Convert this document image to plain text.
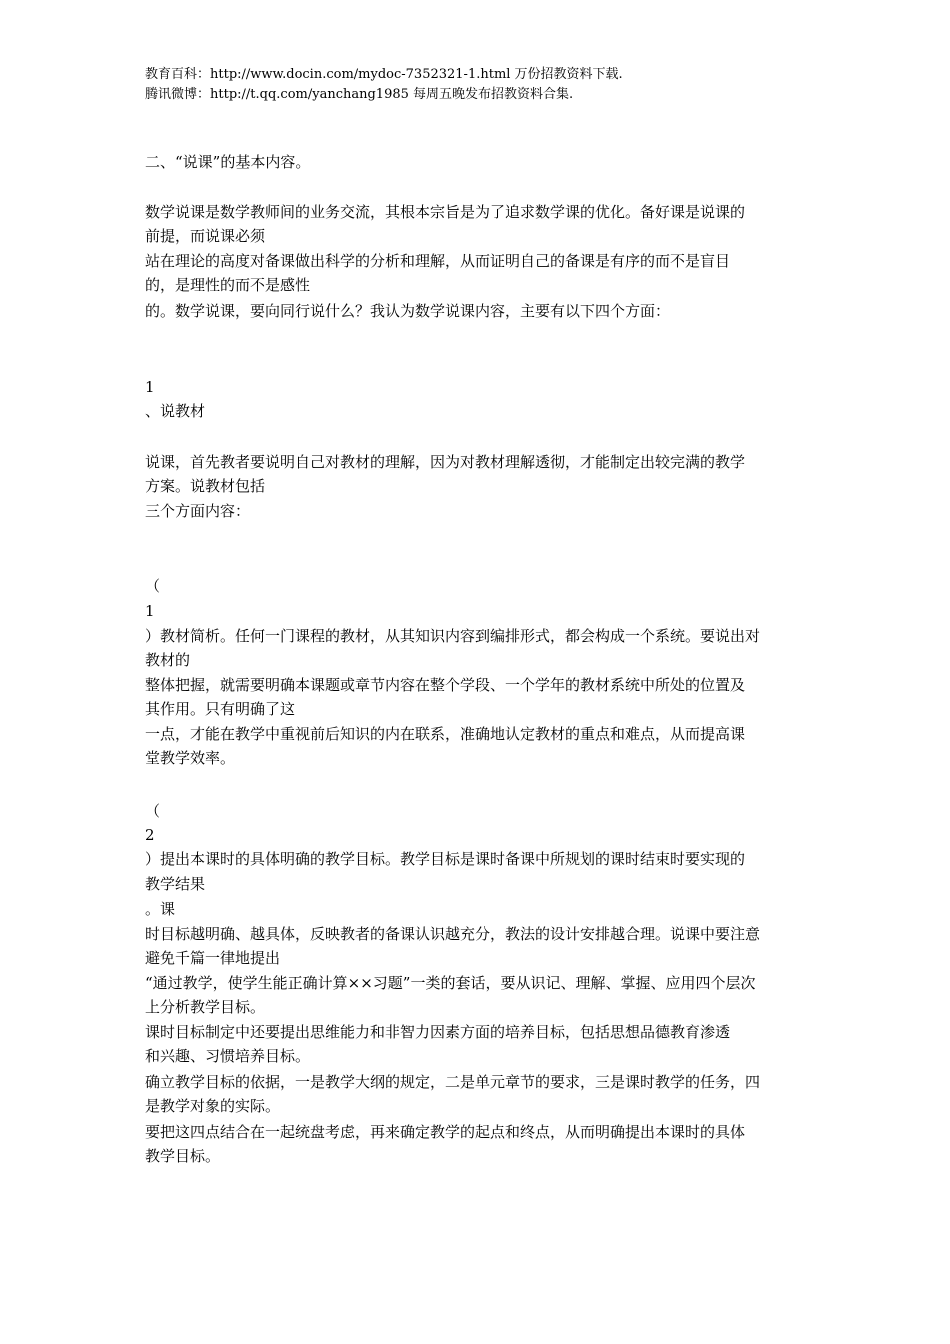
教育百科：http://www.docin.com/mydoc-7352321-1.html 万份招教资料下载.
腾讯微博：http://t.qq.com/yanchang1985 每周五晚发布招教资料合集.
二、“说课”的基本内容。
数学说课是数学教师间的业务交流，其根本宗旨是为了追求数学课的优化。备好课是说课的
前提，而说课必须
站在理论的高度对备课做出科学的分析和理解，从而证明自己的备课是有序的而不是盲目
的，是理性的而不是感性
的。数学说课，要向同行说什么？我认为数学说课内容，主要有以下四个方面：
1
、说教材
说课，首先教者要说明自己对教材的理解，因为对教材理解透彻，才能制定出较完满的教学
方案。说教材包括
三个方面内容：
（
1
）教材简析。任何一门课程的教材，从其知识内容到编排形式，都会构成一个系统。要说出对
教材的
整体把握，就需要明确本课题或章节内容在整个学段、一个学年的教材系统中所处的位置及
其作用。只有明确了这
一点，才能在教学中重视前后知识的内在联系，准确地认定教材的重点和难点，从而提高课
堂教学效率。
（
2
）提出本课时的具体明确的教学目标。教学目标是课时备课中所规划的课时结束时要实现的
教学结果
。课
时目标越明确、越具体，反映教者的备课认识越充分，教法的设计安排越合理。说课中要注意
避免千篇一律地提出
“通过教学，使学生能正确计算××习题”一类的套话，要从识记、理解、掌握、应用四个层次
上分析教学目标。
课时目标制定中还要提出思维能力和非智力因素方面的培养目标，包括思想品德教育渗透
和兴趣、习惯培养目标。
确立教学目标的依据，一是教学大纲的规定，二是单元章节的要求，三是课时教学的任务，四
是教学对象的实际。
要把这四点结合在一起统盘考虑，再来确定教学的起点和终点，从而明确提出本课时的具体
教学目标。
